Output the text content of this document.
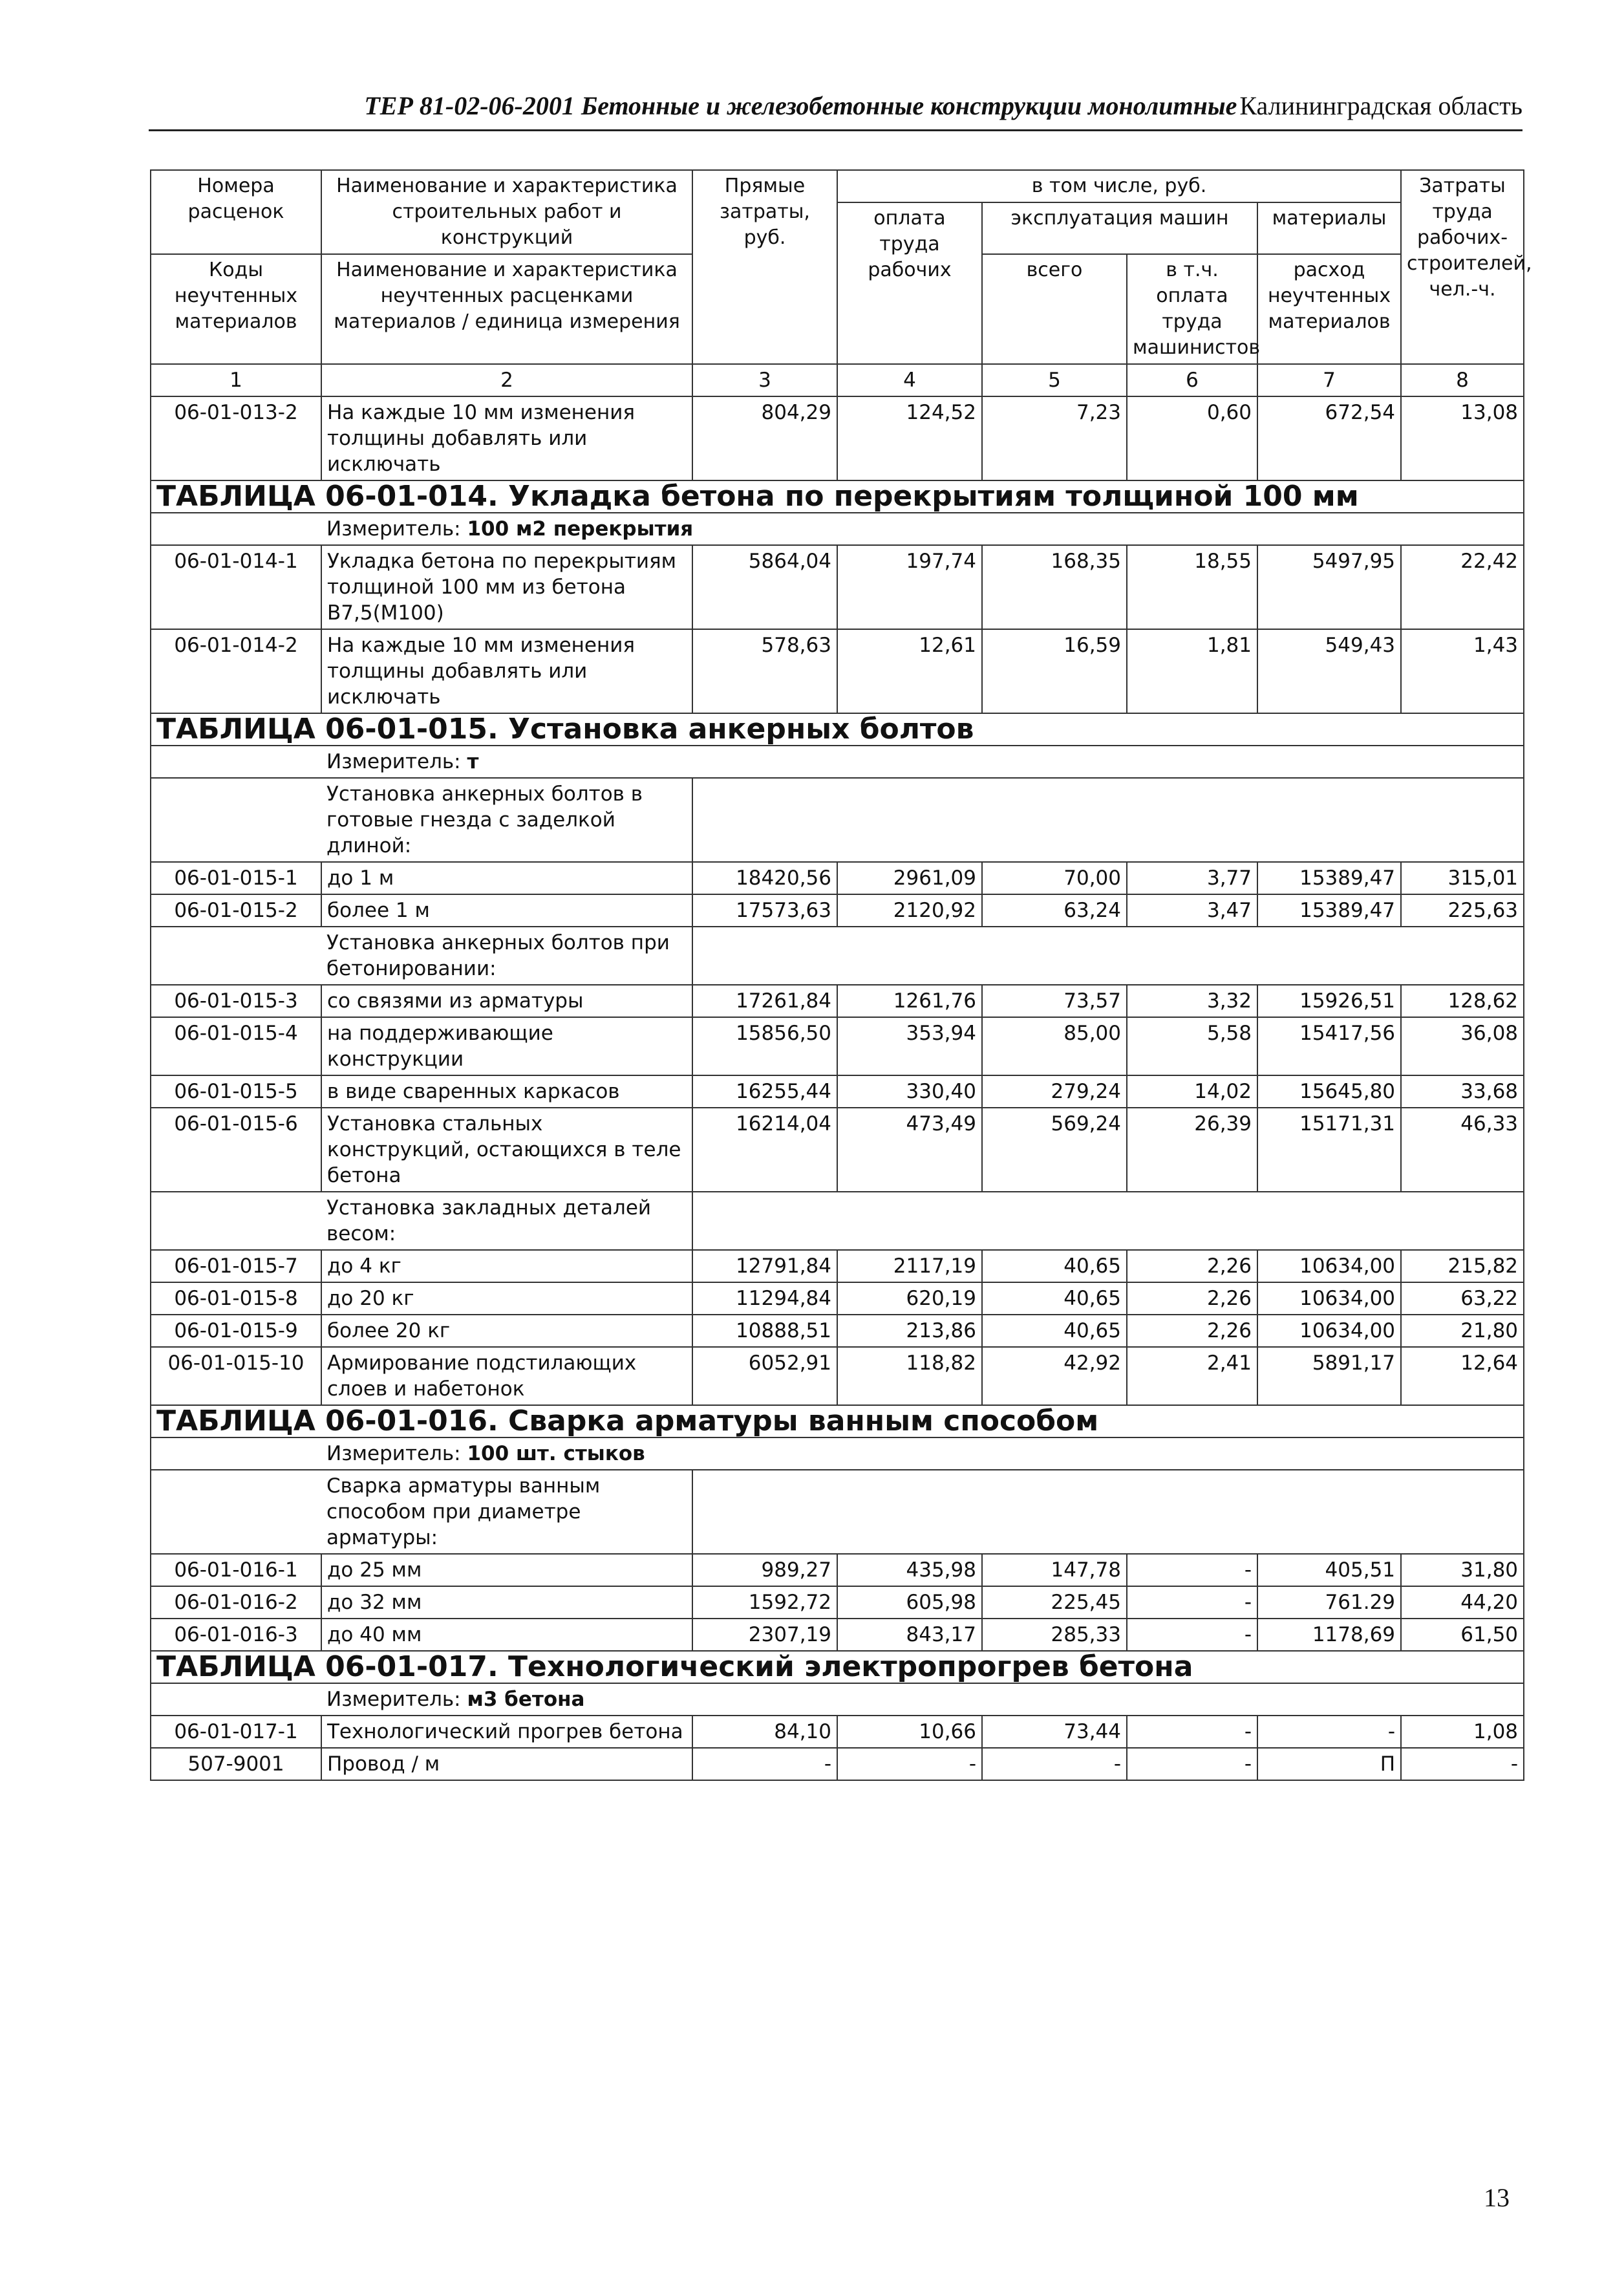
ТЕР 81-02-06-2001 Бетонные и железобетонные конструкции монолитные Калининградская область
Номера расценок	Наименование и характеристика строительных работ и конструкций	Прямые затраты, руб.	в том числе, руб.				Затраты труда рабочих-строителей, чел.-ч.
			оплата труда рабочих	эксплуатация машин		материалы	
Коды неучтенных материалов	Наименование и характеристика неучтенных расценками материалов / единица измерения			всего	в т.ч. оплата труда машинистов	расход неучтенных материалов	

1	2	3	4	5	6	7	8
06-01-013-2	На каждые 10 мм изменения толщины добавлять или исключать	804,29	124,52	7,23	0,60	672,54	13,08
ТАБЛИЦА 06-01-014. Укладка бетона по перекрытиям толщиной 100 мм							
	Измеритель: 100 м2 перекрытия						
06-01-014-1	Укладка бетона по перекрытиям толщиной 100 мм из бетона В7,5(М100)	5864,04	197,74	168,35	18,55	5497,95	22,42
06-01-014-2	На каждые 10 мм изменения толщины добавлять или исключать	578,63	12,61	16,59	1,81	549,43	1,43
ТАБЛИЦА 06-01-015. Установка анкерных болтов							
	Измеритель: т						
	Установка анкерных болтов в готовые гнезда с заделкой длиной:						
06-01-015-1	до 1 м	18420,56	2961,09	70,00	3,77	15389,47	315,01
06-01-015-2	более 1 м	17573,63	2120,92	63,24	3,47	15389,47	225,63
	Установка анкерных болтов при бетонировании:						
06-01-015-3	со связями из арматуры	17261,84	1261,76	73,57	3,32	15926,51	128,62
06-01-015-4	на поддерживающие конструкции	15856,50	353,94	85,00	5,58	15417,56	36,08
06-01-015-5	в виде сваренных каркасов	16255,44	330,40	279,24	14,02	15645,80	33,68
06-01-015-6	Установка стальных конструкций, остающихся в теле бетона	16214,04	473,49	569,24	26,39	15171,31	46,33
	Установка закладных деталей весом:						
06-01-015-7	до 4 кг	12791,84	2117,19	40,65	2,26	10634,00	215,82
06-01-015-8	до 20 кг	11294,84	620,19	40,65	2,26	10634,00	63,22
06-01-015-9	более 20 кг	10888,51	213,86	40,65	2,26	10634,00	21,80
06-01-015-10	Армирование подстилающих слоев и набетонок	6052,91	118,82	42,92	2,41	5891,17	12,64
ТАБЛИЦА 06-01-016. Сварка арматуры ванным способом							
	Измеритель: 100 шт. стыков						
	Сварка арматуры ванным способом при диаметре арматуры:						
06-01-016-1	до 25 мм	989,27	435,98	147,78	-	405,51	31,80
06-01-016-2	до 32 мм	1592,72	605,98	225,45	-	761.29	44,20
06-01-016-3	до 40 мм	2307,19	843,17	285,33	-	1178,69	61,50
ТАБЛИЦА 06-01-017. Технологический электропрогрев бетона							
	Измеритель: м3 бетона						
06-01-017-1	Технологический прогрев бетона	84,10	10,66	73,44	-	-	1,08
507-9001	Провод / м	-	-	-	-	П	-
13
